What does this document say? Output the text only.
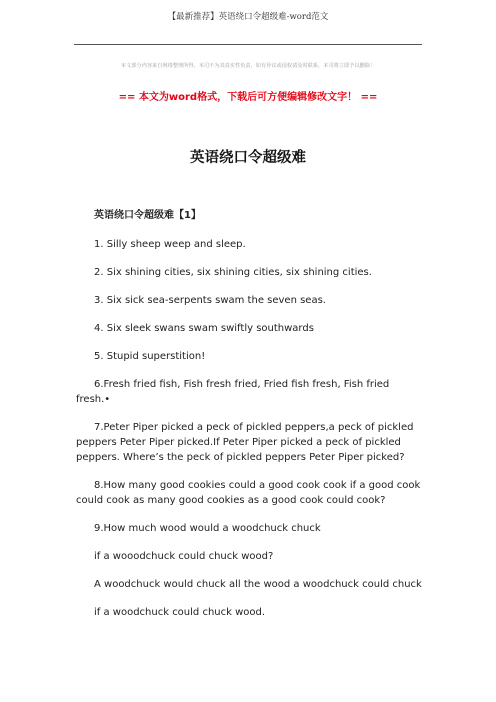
【最新推荐】英语绕口令超级难-word范文
本文部分内容来自网络整理所得，本司不为其真实性负责，如有异议或侵权请及时联系，本司将立即予以删除！
== 本文为word格式，下载后可方便编辑修改文字！ ==
英语绕口令超级难
英语绕口令超级难【1】
1. Silly sheep weep and sleep.
2. Six shining cities, six shining cities, six shining cities.
3. Six sick sea-serpents swam the seven seas.
4. Six sleek swans swam swiftly southwards
5. Stupid superstition!
6.Fresh fried fish, Fish fresh fried, Fried fish fresh, Fish fried fresh.•
7.Peter Piper picked a peck of pickled peppers,a peck of pickled peppers Peter Piper picked.If Peter Piper picked a peck of pickled peppers. Where’s the peck of pickled peppers Peter Piper picked?
8.How many good cookies could a good cook cook if a good cook could cook as many good cookies as a good cook could cook?
9.How much wood would a woodchuck chuck
if a wooodchuck could chuck wood?
A woodchuck would chuck all the wood a woodchuck could chuck
if a woodchuck could chuck wood.
